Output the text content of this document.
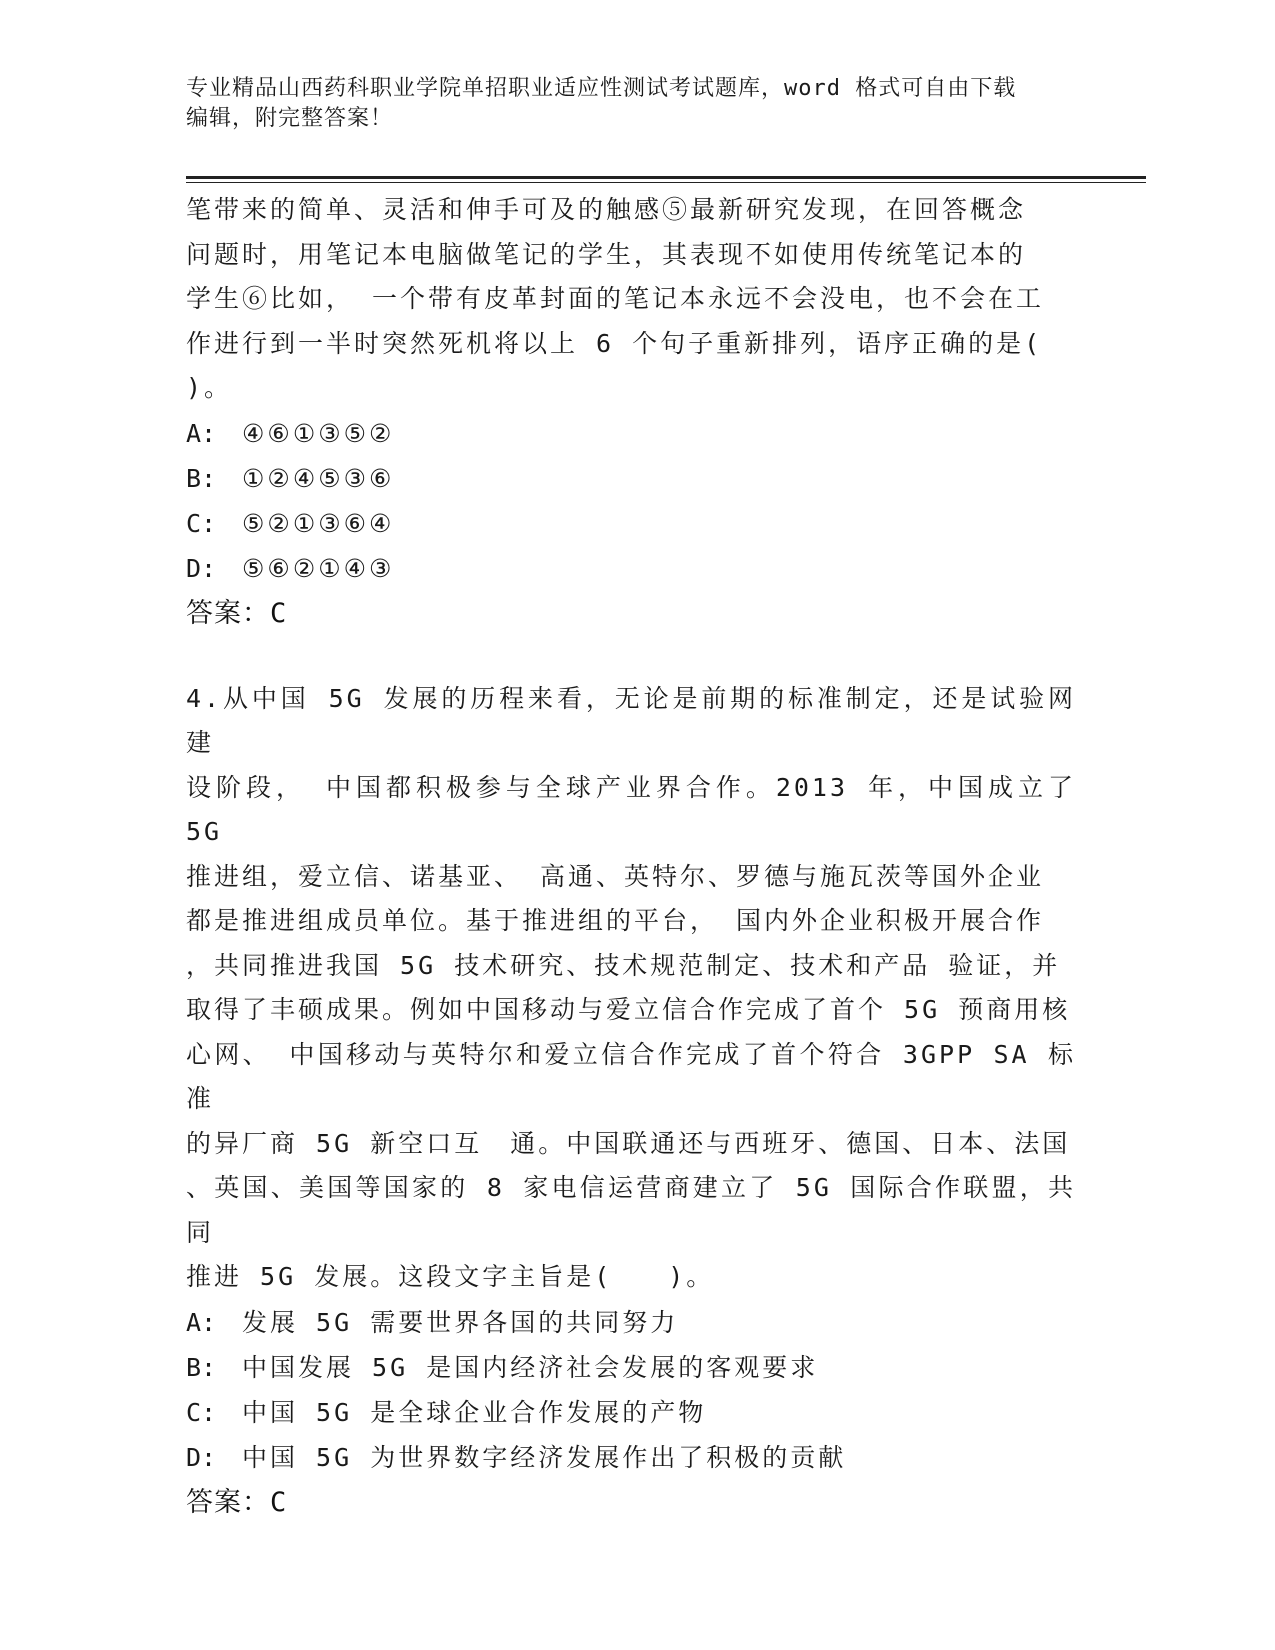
专业精品山西药科职业学院单招职业适应性测试考试题库，word 格式可自由下载
编辑，附完整答案！

笔带来的简单、灵活和伸手可及的触感⑤最新研究发现，在回答概念

问题时，用笔记本电脑做笔记的学生，其表现不如使用传统笔记本的

学生⑥比如， 一个带有皮革封面的笔记本永远不会没电，也不会在工

作进行到一半时突然死机将以上 6 个句子重新排列，语序正确的是(

)。

A: ④⑥①③⑤②

B: ①②④⑤③⑥

C: ⑤②①③⑥④

D: ⑤⑥②①④③

答案：C

4.从中国 5G 发展的历程来看，无论是前期的标准制定，还是试验网建

设阶段， 中国都积极参与全球产业界合作。2013 年，中国成立了 5G

推进组，爱立信、诺基亚、 高通、英特尔、罗德与施瓦茨等国外企业

都是推进组成员单位。基于推进组的平台， 国内外企业积极开展合作

，共同推进我国 5G 技术研究、技术规范制定、技术和产品 验证，并

取得了丰硕成果。例如中国移动与爱立信合作完成了首个 5G 预商用核

心网、 中国移动与英特尔和爱立信合作完成了首个符合 3GPP SA 标准

的异厂商 5G 新空口互　通。中国联通还与西班牙、德国、日本、法国

、英国、美国等国家的 8 家电信运营商建立了 5G 国际合作联盟，共同

推进 5G 发展。这段文字主旨是(　　)。

A: 发展 5G 需要世界各国的共同努力

B: 中国发展 5G 是国内经济社会发展的客观要求

C: 中国 5G 是全球企业合作发展的产物

D: 中国 5G 为世界数字经济发展作出了积极的贡献

答案：C
